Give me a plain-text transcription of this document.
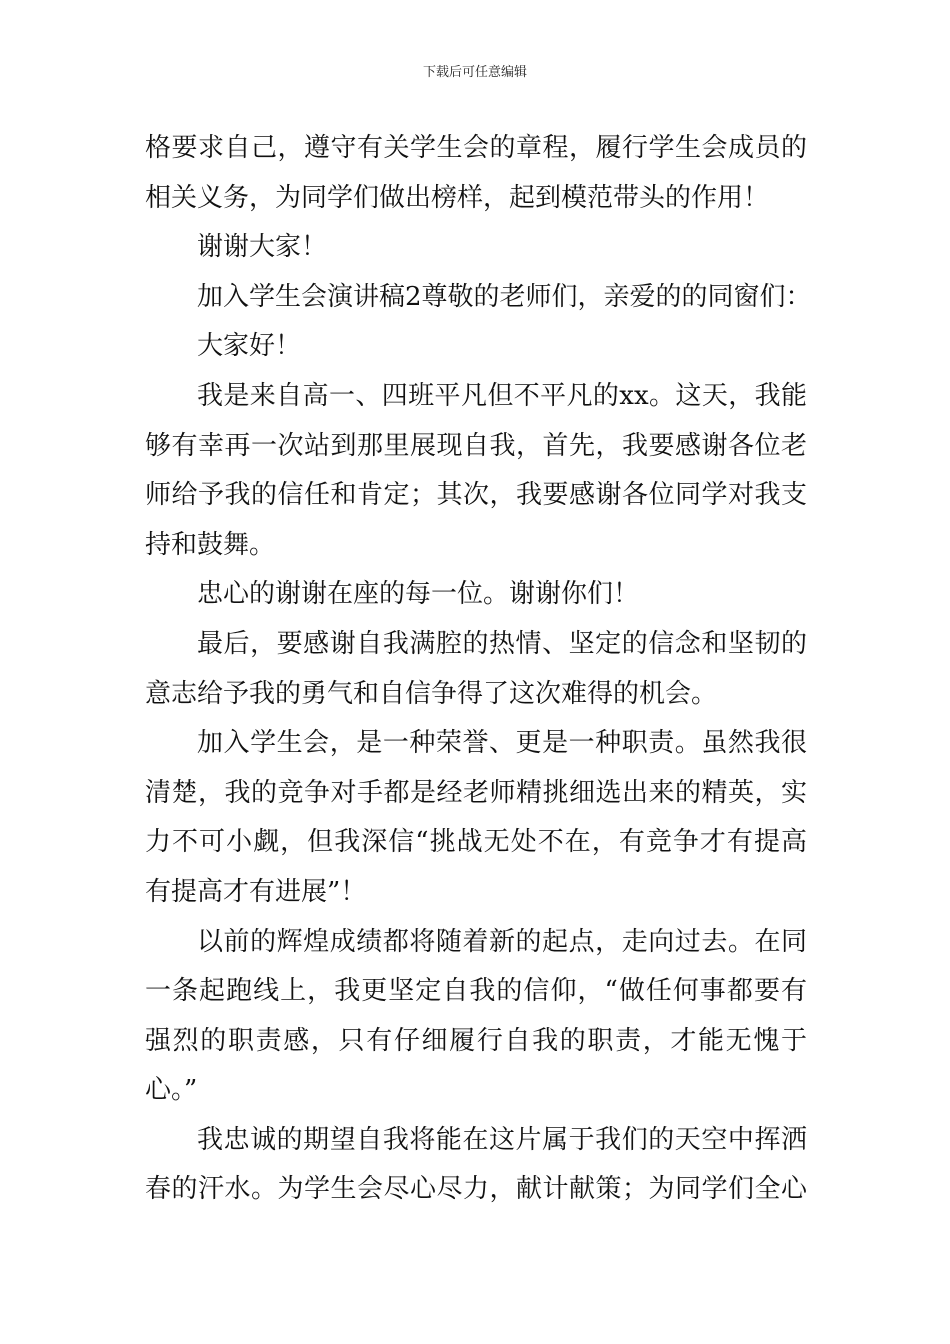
下载后可任意编辑
格要求自己，遵守有关学生会的章程，履行学生会成员的
相关义务，为同学们做出榜样，起到模范带头的作用！
谢谢大家！
加入学生会演讲稿2尊敬的老师们，亲爱的的同窗们：
大家好！
我是来自高一、四班平凡但不平凡的xx。这天，我能
够有幸再一次站到那里展现自我，首先，我要感谢各位老
师给予我的信任和肯定；其次，我要感谢各位同学对我支
持和鼓舞。
忠心的谢谢在座的每一位。谢谢你们！
最后，要感谢自我满腔的热情、坚定的信念和坚韧的
意志给予我的勇气和自信争得了这次难得的机会。
加入学生会，是一种荣誉、更是一种职责。虽然我很
清楚，我的竞争对手都是经老师精挑细选出来的精英，实
力不可小觑，但我深信“挑战无处不在，有竞争才有提高
有提高才有进展”！
以前的辉煌成绩都将随着新的起点，走向过去。在同
一条起跑线上，我更坚定自我的信仰，“做任何事都要有
强烈的职责感，只有仔细履行自我的职责，才能无愧于
心。”
我忠诚的期望自我将能在这片属于我们的天空中挥洒
春的汗水。为学生会尽心尽力，献计献策；为同学们全心
